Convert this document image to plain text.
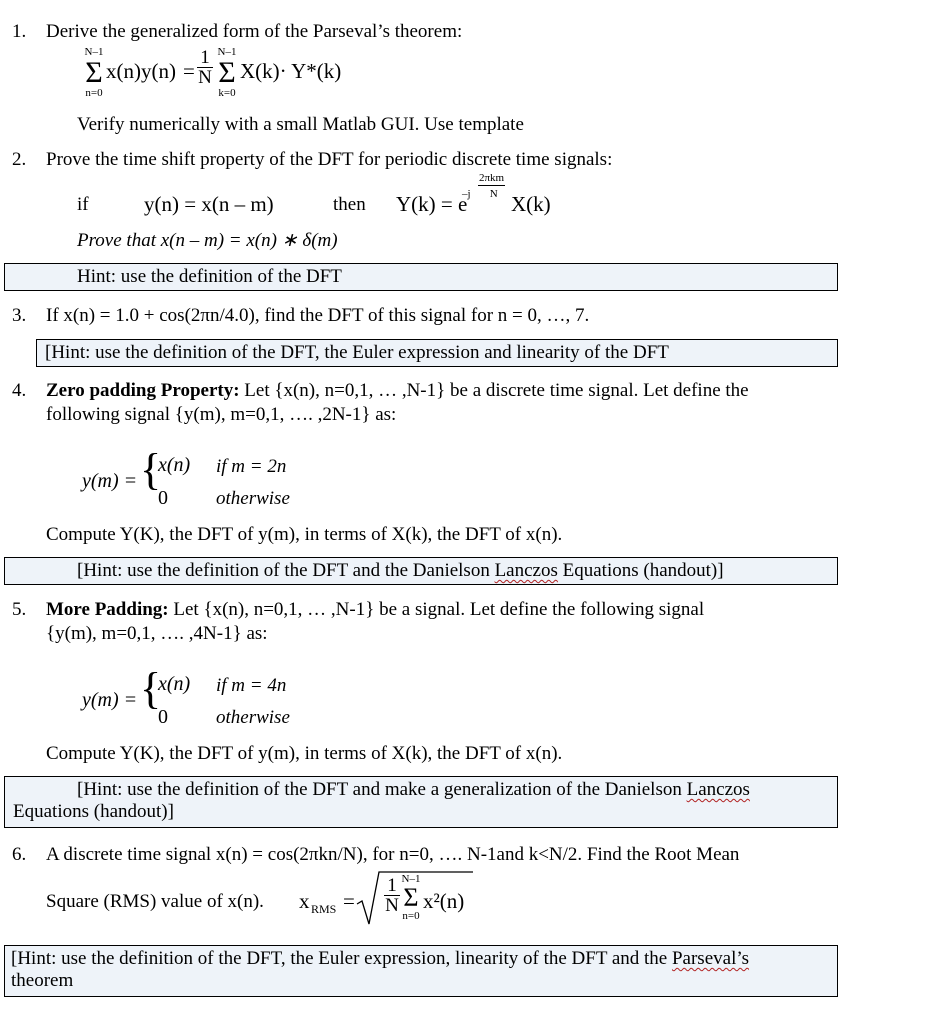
1. Derive the generalized form of the Parseval’s theorem:
N–1
Σ
n=0
$x(n)y(n) = \frac{1}{N} N-1$
Σ
k=0
X(k)· Y*(k)
Verify numerically with a small Matlab GUI. Use template
2. Prove the time shift property of the DFT for periodic discrete time signals:
if	y(n) = x(n – m)	then Y(k) = e
2πkm
–j       N X(k)
Prove that x(n – m) = x(n) ∗ δ(m)
Hint: use the definition of the DFT
3. If x(n) = 1.0 + cos(2πn/4.0), find the DFT of this signal for n = 0, …, 7.
[Hint: use the definition of the DFT, the Euler expression and linearity of the DFT
4. Zero padding Property: Let {x(n), n=0,1, … ,N-1} be a discrete time signal. Let define the
following signal {y(m), m=0,1, …. ,2N-1} as:
y(m) = {
x(n) if m = 2n
0	otherwise
Compute Y(K), the DFT of y(m), in terms of X(k), the DFT of x(n).
[Hint: use the definition of the DFT and the Danielson Lanczos Equations (handout)]
5. More Padding: Let {x(n), n=0,1, … ,N-1} be a signal. Let define the following signal
{y(m), m=0,1, …. ,4N-1} as:
y(m) = {
x(n) if m = 4n
0	otherwise
Compute Y(K), the DFT of y(m), in terms of X(k), the DFT of x(n).
[Hint: use the definition of the DFT and make a generalization of the Danielson Lanczos
Equations (handout)]
6. A discrete time signal x(n) = cos(2πkn/N), for n=0, …. N-1and k<N/2. Find the Root Mean
Square (RMS) value of x(n). x RMS = $\frac{1}{N} N-1$
Σ
n=0
x²(n)
[Hint: use the definition of the DFT, the Euler expression, linearity of the DFT and the Parseval’s
theorem
